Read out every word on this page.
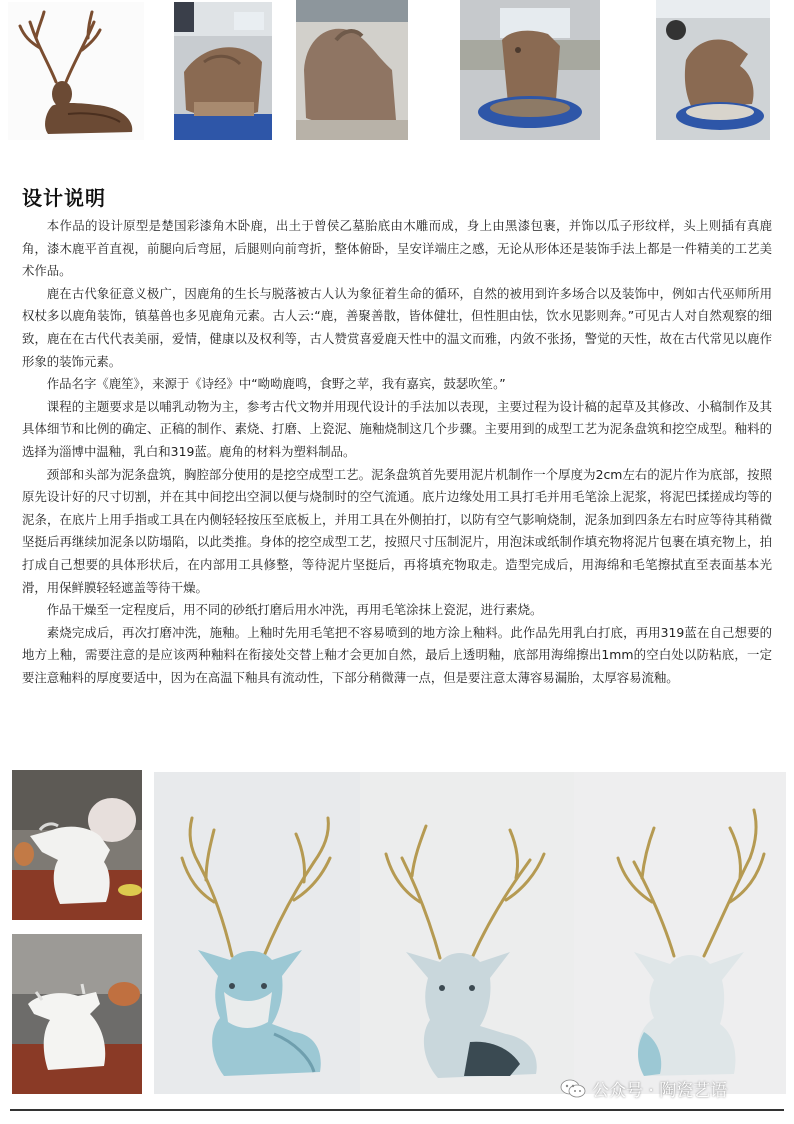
设计说明

本作品的设计原型是楚国彩漆角木卧鹿，出土于曾侯乙墓胎底由木雕而成，身上由黑漆包裹，并饰以瓜子形纹样，头上则插有真鹿角，漆木鹿平首直视，前腿向后弯屈，后腿则向前弯折，整体俯卧，呈安详端庄之感，无论从形体还是装饰手法上都是一件精美的工艺美术作品。

鹿在古代象征意义极广，因鹿角的生长与脱落被古人认为象征着生命的循环，自然的被用到许多场合以及装饰中，例如古代巫师所用权杖多以鹿角装饰，镇墓兽也多见鹿角元素。古人云:“鹿，善聚善散，皆体健壮，但性胆由怯，饮水见影则奔。”可见古人对自然观察的细致，鹿在在古代代表美丽，爱情，健康以及权利等，古人赞赏喜爱鹿天性中的温文而雅，内敛不张扬，警觉的天性，故在古代常见以鹿作形象的装饰元素。

作品名字《鹿笙》，来源于《诗经》中“呦呦鹿鸣，食野之苹，我有嘉宾，鼓瑟吹笙。”

课程的主题要求是以哺乳动物为主，参考古代文物并用现代设计的手法加以表现，主要过程为设计稿的起草及其修改、小稿制作及其具体细节和比例的确定、正稿的制作、素烧、打磨、上瓷泥、施釉烧制这几个步骤。主要用到的成型工艺为泥条盘筑和挖空成型。釉料的选择为淄博中温釉，乳白和319蓝。鹿角的材料为塑料制品。

颈部和头部为泥条盘筑，胸腔部分使用的是挖空成型工艺。泥条盘筑首先要用泥片机制作一个厚度为2cm左右的泥片作为底部，按照原先设计好的尺寸切割，并在其中间挖出空洞以便与烧制时的空气流通。底片边缘处用工具打毛并用毛笔涂上泥浆，将泥巴揉搓成均等的泥条，在底片上用手指或工具在内侧轻轻按压至底板上，并用工具在外侧拍打，以防有空气影响烧制，泥条加到四条左右时应等待其稍微坚挺后再继续加泥条以防塌陷，以此类推。身体的挖空成型工艺，按照尺寸压制泥片，用泡沫或纸制作填充物将泥片包裹在填充物上，拍打成自己想要的具体形状后，在内部用工具修整，等待泥片坚挺后，再将填充物取走。造型完成后，用海绵和毛笔擦拭直至表面基本光滑，用保鲜膜轻轻遮盖等待干燥。

作品干燥至一定程度后，用不同的砂纸打磨后用水冲洗，再用毛笔涂抹上瓷泥，进行素烧。

素烧完成后，再次打磨冲洗，施釉。上釉时先用毛笔把不容易喷到的地方涂上釉料。此作品先用乳白打底，再用319蓝在自己想要的地方上釉，需要注意的是应该两种釉料在衔接处交替上釉才会更加自然，最后上透明釉，底部用海绵擦出1mm的空白处以防粘底，一定要注意釉料的厚度要适中，因为在高温下釉具有流动性，下部分稍微薄一点，但是要注意太薄容易漏胎，太厚容易流釉。

公众号 · 陶瓷艺语
